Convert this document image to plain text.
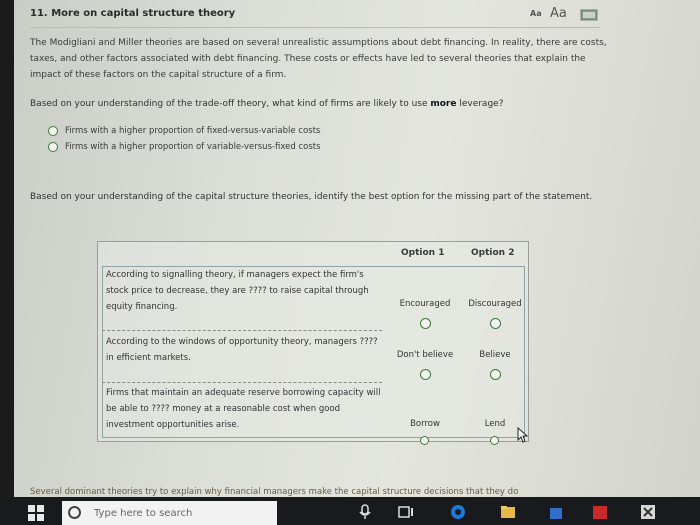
11. More on capital structure theory	Aa Aa

The Modigliani and Miller theories are based on several unrealistic assumptions about debt financing. In reality, there are costs, taxes, and other factors associated with debt financing. These costs or effects have led to several theories that explain the impact of these factors on the capital structure of a firm.

Based on your understanding of the trade-off theory, what kind of firms are likely to use more leverage?

Firms with a higher proportion of fixed-versus-variable costs
Firms with a higher proportion of variable-versus-fixed costs

Based on your understanding of the capital structure theories, identify the best option for the missing part of the statement.

Option 1	Option 2

According to signalling theory, if managers expect the firm's stock price to decrease, they are ???? to raise capital through equity financing.	Encouraged	Discouraged

According to the windows of opportunity theory, managers ???? in efficient markets.	Don't believe	Believe

Firms that maintain an adequate reserve borrowing capacity will be able to ???? money at a reasonable cost when good investment opportunities arise.	Borrow	Lend
Several dominant theories try to explain why financial managers make the capital structure decisions that they do
Type here to search
